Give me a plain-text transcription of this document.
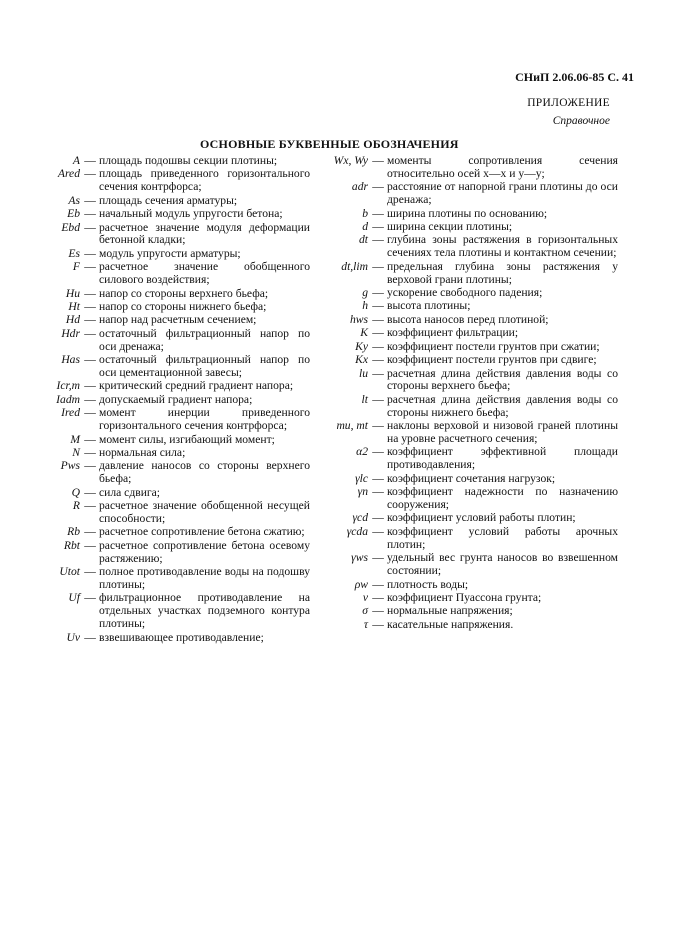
СНиП 2.06.06-85 С. 41
ПРИЛОЖЕНИЕ
Справочное
ОСНОВНЫЕ БУКВЕННЫЕ ОБОЗНАЧЕНИЯ
A — площадь подошвы секции плотины;
Ared — площадь приведенного горизонтального сечения контрфорса;
As — площадь сечения арматуры;
Eb — начальный модуль упругости бетона;
Ebd — расчетное значение модуля деформации бетонной кладки;
Es — модуль упругости арматуры;
F — расчетное значение обобщенного силового воздействия;
Hu — напор со стороны верхнего бьефа;
Ht — напор со стороны нижнего бьефа;
Hd — напор над расчетным сечением;
Hdr — остаточный фильтрационный напор по оси дренажа;
Has — остаточный фильтрационный напор по оси цементационной завесы;
Icr,m — критический средний градиент напора;
Iadm — допускаемый градиент напора;
Ired — момент инерции приведенного горизонтального сечения контрфорса;
M — момент силы, изгибающий момент;
N — нормальная сила;
Pws — давление наносов со стороны верхнего бьефа;
Q — сила сдвига;
R — расчетное значение обобщенной несущей способности;
Rb — расчетное сопротивление бетона сжатию;
Rbt — расчетное сопротивление бетона осевому растяжению;
Utot — полное противодавление воды на подошву плотины;
Uf — фильтрационное противодавление на отдельных участках подземного контура плотины;
Uv — взвешивающее противодавление;
Wx, Wy — моменты сопротивления сечения относительно осей x—x и y—y;
adr — расстояние от напорной грани плотины до оси дренажа;
b — ширина плотины по основанию;
d — ширина секции плотины;
dt — глубина зоны растяжения в горизонтальных сечениях тела плотины и контактном сечении;
dt,lim — предельная глубина зоны растяжения у верховой грани плотины;
g — ускорение свободного падения;
h — высота плотины;
hws — высота наносов перед плотиной;
K — коэффициент фильтрации;
Ky — коэффициент постели грунтов при сжатии;
Kx — коэффициент постели грунтов при сдвиге;
lu — расчетная длина действия давления воды со стороны верхнего бьефа;
lt — расчетная длина действия давления воды со стороны нижнего бьефа;
mu, mt — наклоны верховой и низовой граней плотины на уровне расчетного сечения;
α2 — коэффициент эффективной площади противодавления;
γlc — коэффициент сочетания нагрузок;
γn — коэффициент надежности по назначению сооружения;
γcd — коэффициент условий работы плотин;
γcda — коэффициент условий работы арочных плотин;
γws — удельный вес грунта наносов во взвешенном состоянии;
ρw — плотность воды;
ν — коэффициент Пуассона грунта;
σ — нормальные напряжения;
τ — касательные напряжения.
